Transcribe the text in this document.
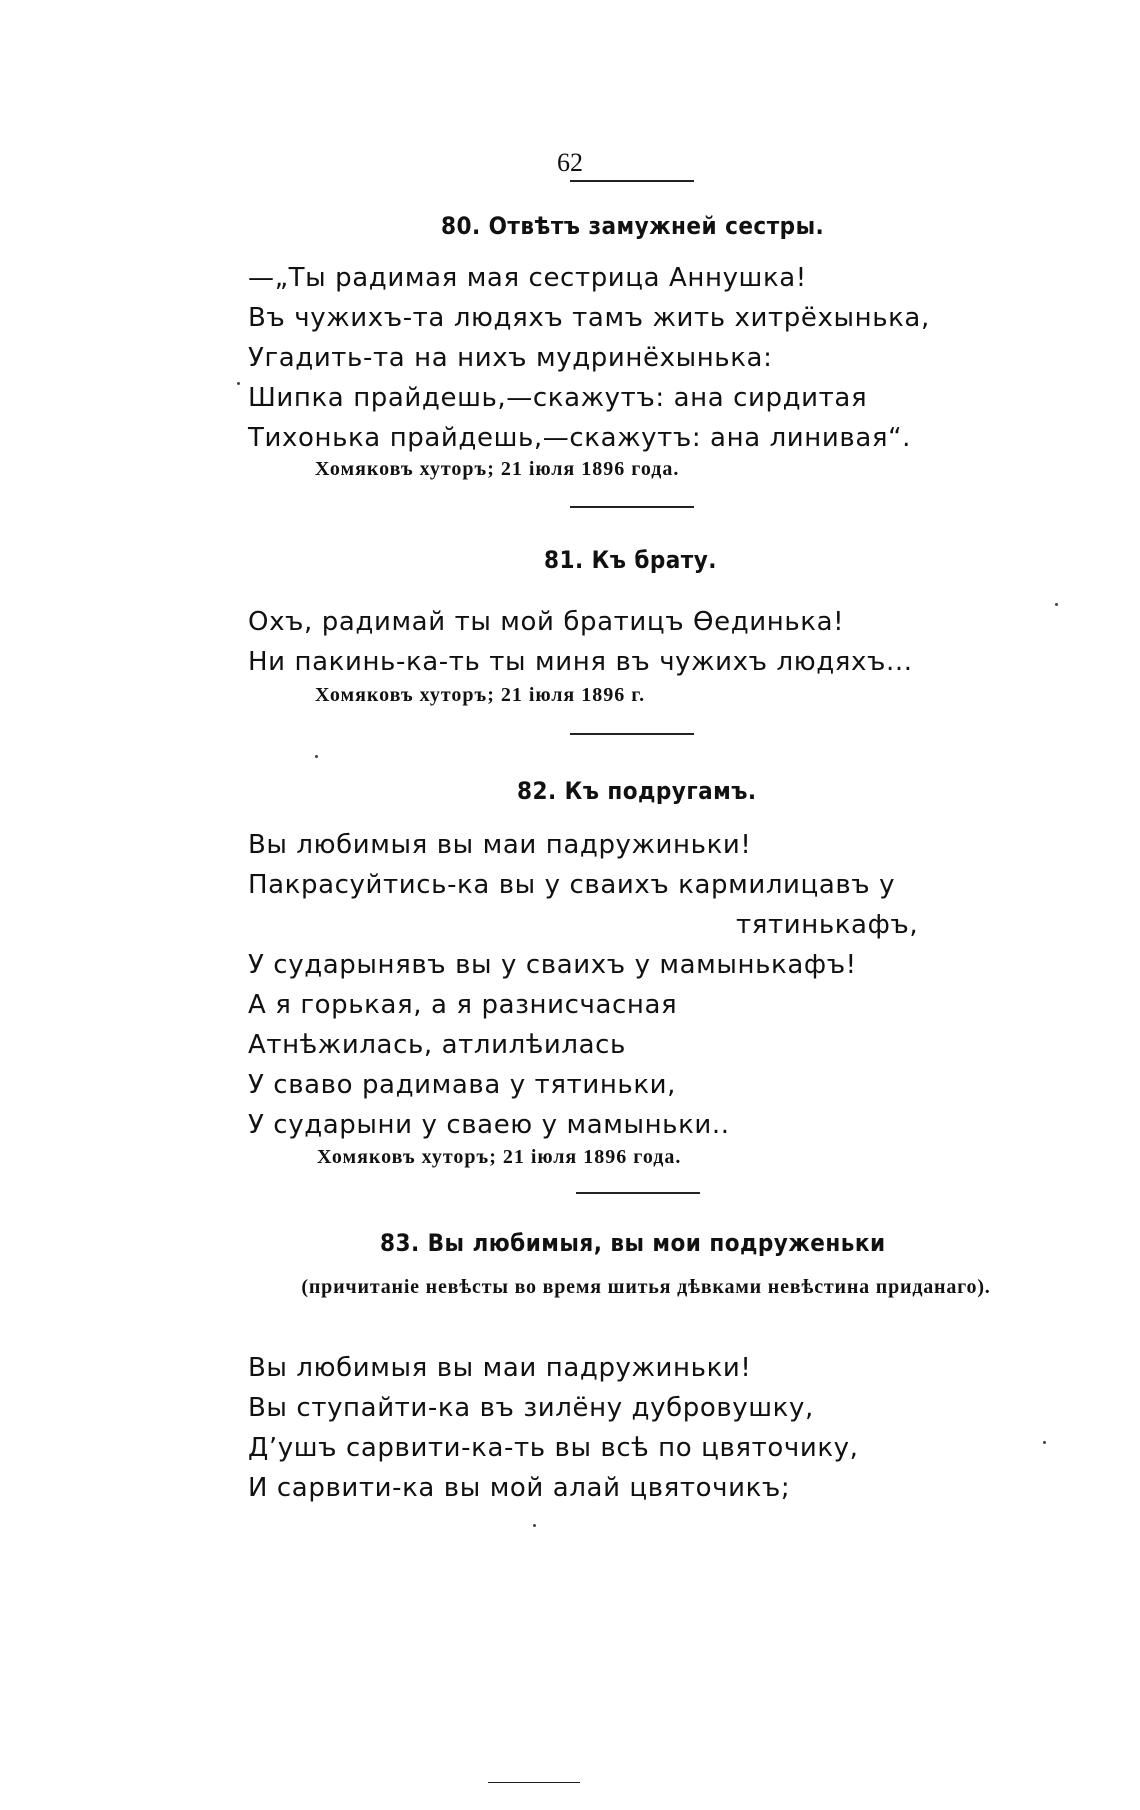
62
80. Отвѣтъ замужней сестры.
—„Ты радимая мая сестрица Аннушка!
Въ чужихъ-та людяхъ тамъ жить хитрёхынька,
Угадить-та на нихъ мудринёхынька:
Шипка прайдешь,—скажутъ: ана сирдитая
Тихонька прайдешь,—скажутъ: ана линивая“.
Хомяковъ хуторъ; 21 іюля 1896 года.
81. Къ брату.
Охъ, радимай ты мой братицъ Ѳединька!
Ни пакинь-ка-ть ты миня въ чужихъ людяхъ...
Хомяковъ хуторъ; 21 іюля 1896 г.
82. Къ подругамъ.
Вы любимыя вы маи падружиньки!
Пакрасуйтись-ка вы у сваихъ кармилицавъ у
тятинькафъ,
У сударынявъ вы у сваихъ у мамынькафъ!
А я горькая, а я разнисчасная
Атнѣжилась, атлилѣилась
У сваво радимава у тятиньки,
У сударыни у сваею у мамыньки..
Хомяковъ хуторъ; 21 іюля 1896 года.
83. Вы любимыя, вы мои подруженьки
(причитаніе невѣсты во время шитья дѣвками невѣстина приданаго).
Вы любимыя вы маи падружиньки!
Вы ступайти-ка въ зилёну дубровушку,
Д’ушъ сарвити-ка-ть вы всѣ по цвяточику,
И сарвити-ка вы мой алай цвяточикъ;
